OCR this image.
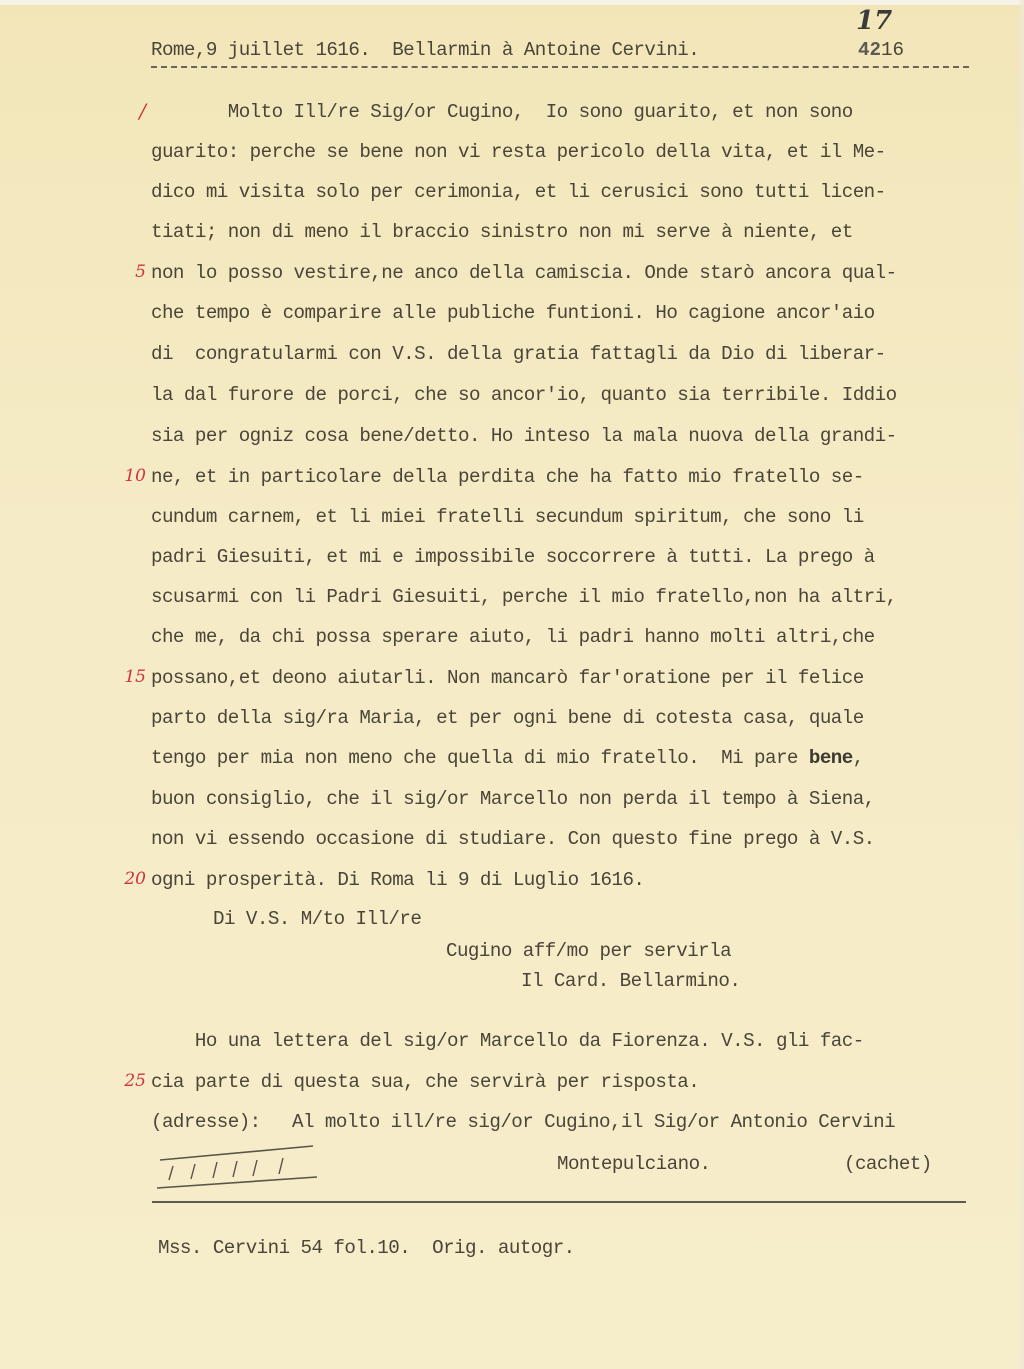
Rome,9 juillet 1616.  Bellarmin à Antoine Cervini.
17
4216
/
5
10
15
20
25
Molto Ill/re Sig/or Cugino,  Io sono guarito, et non sono
guarito: perche se bene non vi resta pericolo della vita, et il Me-
dico mi visita solo per cerimonia, et li cerusici sono tutti licen-
tiati; non di meno il braccio sinistro non mi serve à niente, et
non lo posso vestire,ne anco della camiscia. Onde starò ancora qual-
che tempo è comparire alle publiche funtioni. Ho cagione ancor'aio
di  congratularmi con V.S. della gratia fattagli da Dio di liberar-
la dal furore de porci, che so ancor'io, quanto sia terribile. Iddio
sia per ogniz cosa bene/detto. Ho inteso la mala nuova della grandi-
ne, et in particolare della perdita che ha fatto mio fratello se-
cundum carnem, et li miei fratelli secundum spiritum, che sono li
padri Giesuiti, et mi e impossibile soccorrere à tutti. La prego à
scusarmi con li Padri Giesuiti, perche il mio fratello,non ha altri,
che me, da chi possa sperare aiuto, li padri hanno molti altri,che
possano,et deono aiutarli. Non mancarò far'oratione per il felice
parto della sig/ra Maria, et per ogni bene di cotesta casa, quale
tengo per mia non meno che quella di mio fratello.  Mi pare bene,
buon consiglio, che il sig/or Marcello non perda il tempo à Siena,
non vi essendo occasione di studiare. Con questo fine prego à V.S.
ogni prosperità. Di Roma li 9 di Luglio 1616.
Di V.S. M/to Ill/re
Cugino aff/mo per servirla
Il Card. Bellarmino.
Ho una lettera del sig/or Marcello da Fiorenza. V.S. gli fac-
cia parte di questa sua, che servirà per risposta.
(adresse): Al molto ill/re sig/or Cugino,il Sig/or Antonio Cervini
Montepulciano.	(cachet)
Mss. Cervini 54 fol.10.  Orig. autogr.
